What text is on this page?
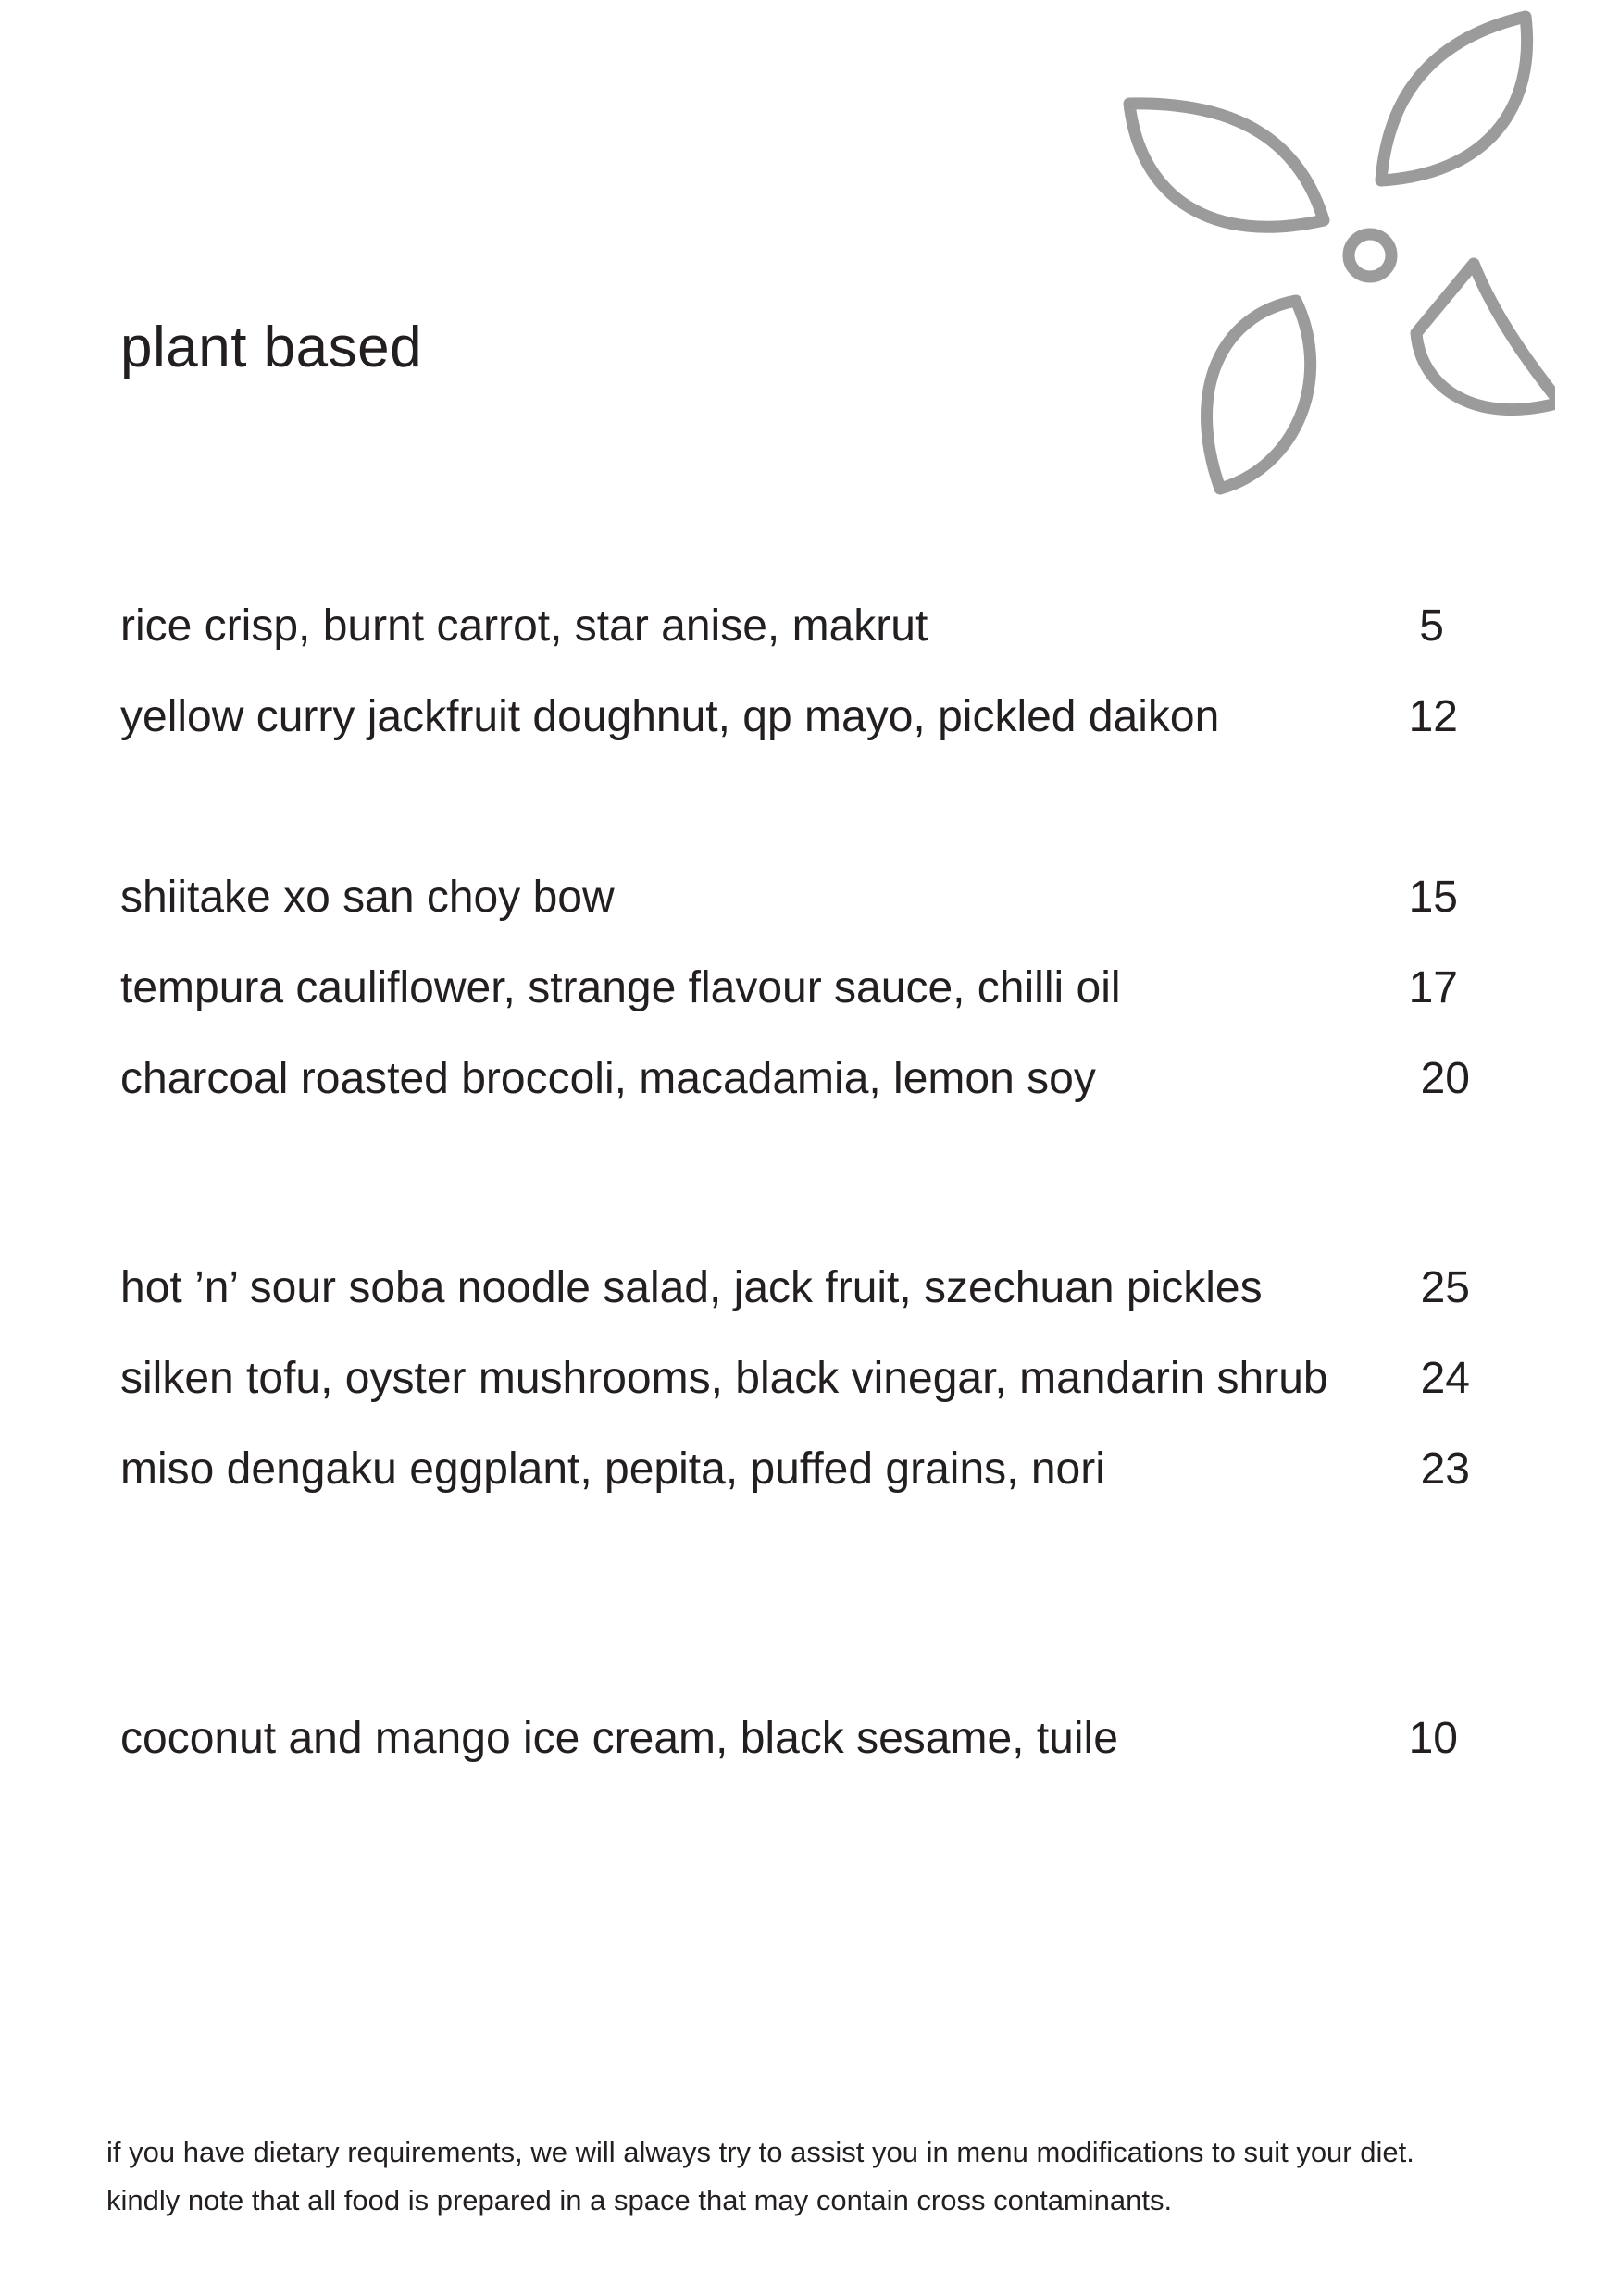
plant based
rice crisp, burnt carrot, star anise, makrut	5
yellow curry jackfruit doughnut, qp mayo, pickled daikon	12
shiitake xo san choy bow	15
tempura cauliflower, strange flavour sauce, chilli oil	17
charcoal roasted broccoli, macadamia, lemon soy	20
hot ’n’ sour soba noodle salad, jack fruit, szechuan pickles	25
silken tofu, oyster mushrooms, black vinegar, mandarin shrub	24
miso dengaku eggplant, pepita, puffed grains, nori	23
coconut and mango ice cream, black sesame, tuile	10
if you have dietary requirements, we will always try to assist you in menu modifications to suit your diet.
kindly note that all food is prepared in a space that may contain cross contaminants.
